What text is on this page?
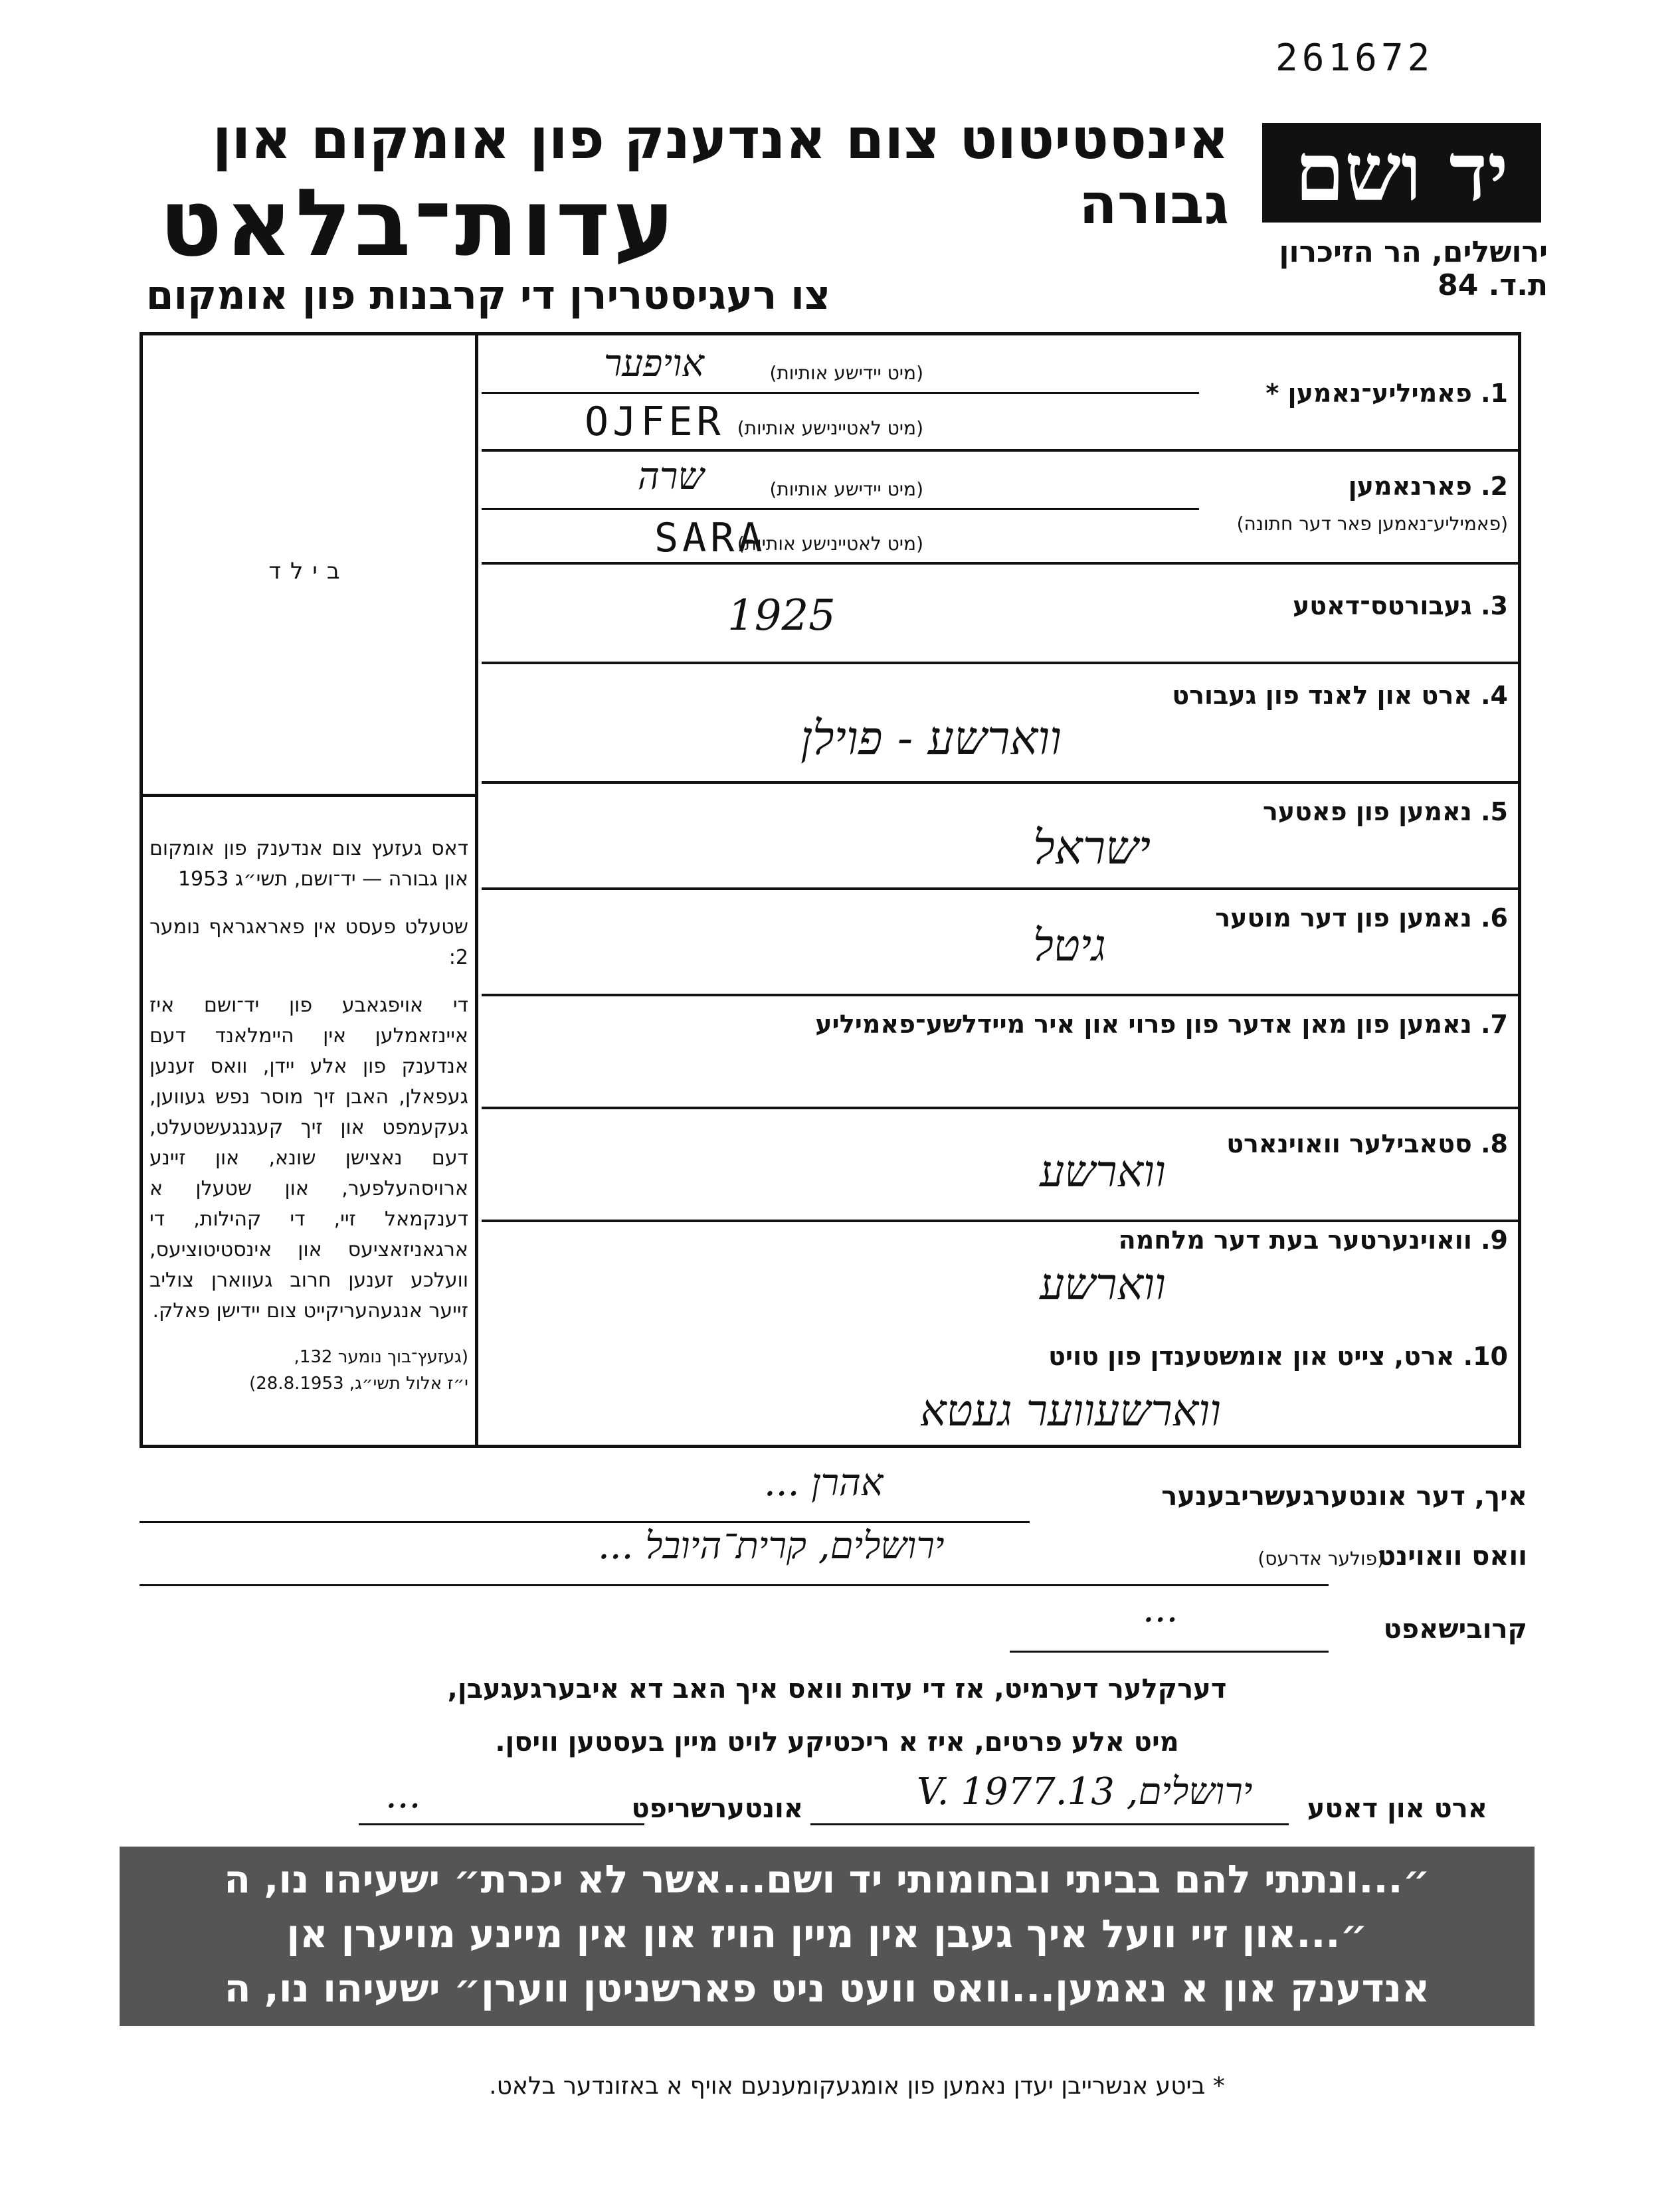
261672
יד ושם
ירושלים, הר הזיכרון
ת.ד. 84
אינסטיטוט צום אנדענק פון אומקום און גבורה
עדות־בלאט
צו רעגיסטרירן די קרבנות פון אומקום
בילד

דאס געזעץ צום אנדענק פון אומקום און גבורה — יד־ושם, תשי״ג 1953

שטעלט פעסט אין פאראגראף נומער 2:

די אויפגאבע פון יד־ושם איז איינזאמלען אין היימלאנד דעם אנדענק פון אלע יידן, וואס זענען געפאלן, האבן זיך מוסר נפש געווען, געקעמפט און זיך קעגנגעשטעלט, דעם נאצישן שונא, און זיינע ארויסהעלפער, און שטעלן א דענקמאל זיי, די קהילות, די ארגאניזאציעס און אינסטיטוציעס, וועלכע זענען חרוב געווארן צוליב זייער אנגעהעריקייט צום יידישן פאלק.

(געזעץ־בוך נומער 132,
י״ז אלול תשי״ג, 28.8.1953)
1. פאמיליע־נאמען *
(מיט יידישע אותיות)
אויפער
(מיט לאטיינישע אותיות)
OJFER
2. פארנאמען
(פאמיליע־נאמען פאר דער חתונה)
(מיט יידישע אותיות)
שרה
(מיט לאטיינישע אותיות)
SARA
3. געבורטס־דאטע
1925
4. ארט און לאנד פון געבורט
ווארשע - פוילן
5. נאמען פון פאטער
ישראל
6. נאמען פון דער מוטער
גיטל
7. נאמען פון מאן אדער פון פרוי און איר מיידלשע־פאמיליע
8. סטאבילער וואוינארט
ווארשע
9. וואוינערטער בעת דער מלחמה
ווארשע
10. ארט, צייט און אומשטענדן פון טויט
ווארשעווער געטא
איך, דער אונטערגעשריבענער
אהרן ...
וואס וואוינט
(פולער אדרעס)
ירושלים, קרית־היובל ...
קרובישאפט
...
דערקלער דערמיט, אז די עדות וואס איך האב דא איבערגעגעבן,
מיט אלע פרטים, איז א ריכטיקע לויט מיין בעסטען וויסן.
ארט און דאטע
ירושלים, 13.V. 1977
אונטערשריפט
...
״...ונתתי להם בביתי ובחומותי יד ושם...אשר לא יכרת״ ישעיהו נו, ה
״...און זיי וועל איך געבן אין מיין הויז און אין מיינע מויערן אן
אנדענק און א נאמען...וואס וועט ניט פארשניטן ווערן״ ישעיהו נו, ה
* ביטע אנשרייבן יעדן נאמען פון אומגעקומענעם אויף א באזונדער בלאט.
